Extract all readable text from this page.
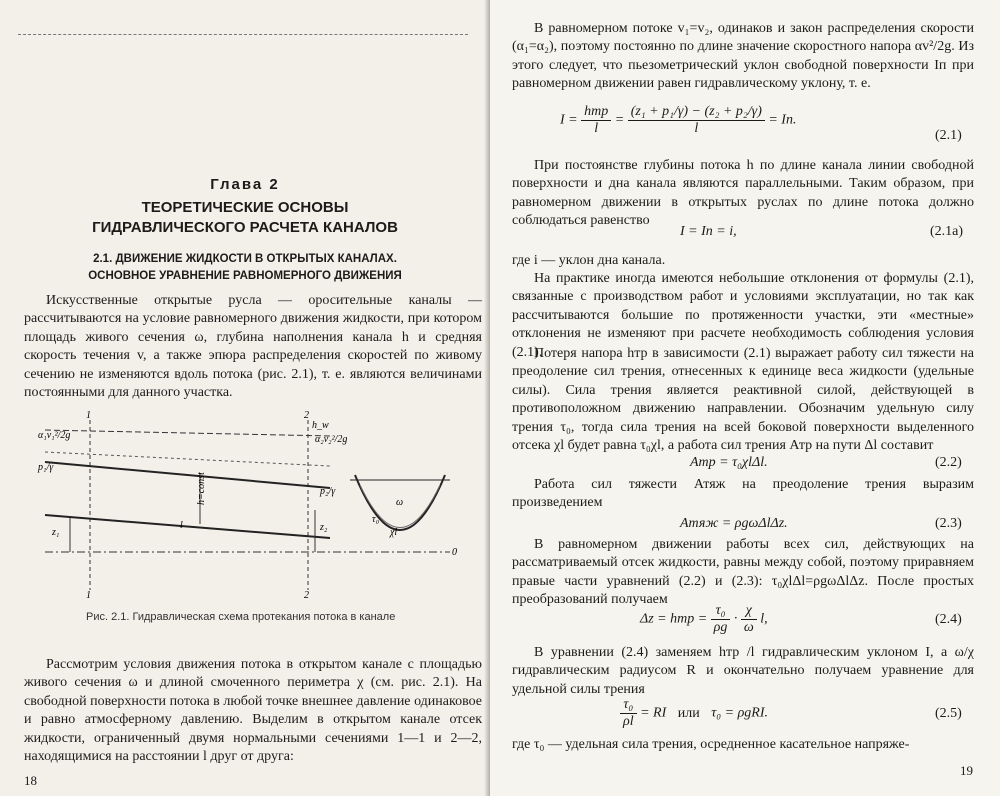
Глава 2
ТЕОРЕТИЧЕСКИЕ ОСНОВЫ
ГИДРАВЛИЧЕСКОГО РАСЧЕТА КАНАЛОВ
2.1. ДВИЖЕНИЕ ЖИДКОСТИ В ОТКРЫТЫХ КАНАЛАХ.
ОСНОВНОЕ УРАВНЕНИЕ РАВНОМЕРНОГО ДВИЖЕНИЯ

Искусственные открытые русла — оросительные каналы — рассчитываются на условие равномерного движения жидкости, при котором площадь живого сечения ω, глубина наполнения канала h и средняя скорость течения v, а также эпюра распределения скоростей по живому сечению не изменяются вдоль потока (рис. 2.1), т. е. являются величинами постоянными для данного участка.

α₁v₁²/2g
p₁/γ
z₁
α₂v₂²/2g
p₂/γ
z₂
h_w
h=const
l
1	2
1	2
0
ω
χl
τ₀
Рис. 2.1. Гидравлическая схема протекания потока в канале

Рассмотрим условия движения потока в открытом канале с площадью живого сечения ω и длиной смоченного периметра χ (см. рис. 2.1). На свободной поверхности потока в любой точке внешнее давление одинаковое и равно атмосферному давлению. Выделим в открытом канале отсек жидкости, ограниченный двумя нормальными сечениями 1—1 и 2—2, находящимися на расстоянии l друг от друга:

18

В равномерном потоке v₁=v₂, одинаков и закон распределения скорости (α₁=α₂), поэтому постоянно по длине значение скоростного напора αv²/2g. Из этого следует, что пьезометрический уклон свободной поверхности Iп при равномерном движении равен гидравлическому уклону, т. е.

$I = \frac{\text{hтр}}{l} = \frac{\text{(z₁ + p₁/γ) − (z₂ + p₂/γ)}}{l}$ = Iп.
(2.1)

При постоянстве глубины потока h по длине канала линии свободной поверхности и дна канала являются параллельными. Таким образом, при равномерном движении в открытых руслах по длине потока должно соблюдаться равенство

I = Iп = i,	(2.1а)

где i — уклон дна канала.

На практике иногда имеются небольшие отклонения от формулы (2.1), связанные с производством работ и условиями эксплуатации, но так как рассчитываются большие по протяженности участки, эти «местные» отклонения не изменяют при расчете необходимость соблюдения условия (2.1).

Потеря напора hтр в зависимости (2.1) выражает работу сил тяжести на преодоление сил трения, отнесенных к единице веса жидкости (удельные силы). Сила трения является реактивной силой, действующей в противоположном движению направлении. Обозначим удельную силу трения τ₀, тогда сила трения на всей боковой поверхности выделенного отсека χl будет равна τ₀χl, а работа сил трения Атр на пути Δl составит

Aтр = τ₀χlΔl.	(2.2)

Работа сил тяжести Атяж на преодоление трения выразим произведением

Aтяж = ρgωΔlΔz.	(2.3)

В равномерном движении работы всех сил, действующих на рассматриваемый отсек жидкости, равны между собой, поэтому приравняем правые части уравнений (2.2) и (2.3): τ₀χlΔl=ρgωΔlΔz. После простых преобразований получаем

Δz = hтр = $\frac{\text{τ₀}}{\rho g} \cdot \frac{\chi}{\omega} l$,	(2.4)

В уравнении (2.4) заменяем hтр /l гидравлическим уклоном I, а ω/χ гидравлическим радиусом R и окончательно получаем уравнение для удельной силы трения

$\frac{\text{τ₀}}{\rho l}$ = RI или τ₀ = ρgRI.	(2.5)

где τ₀ — удельная сила трения, осредненное касательное напряже-

19
